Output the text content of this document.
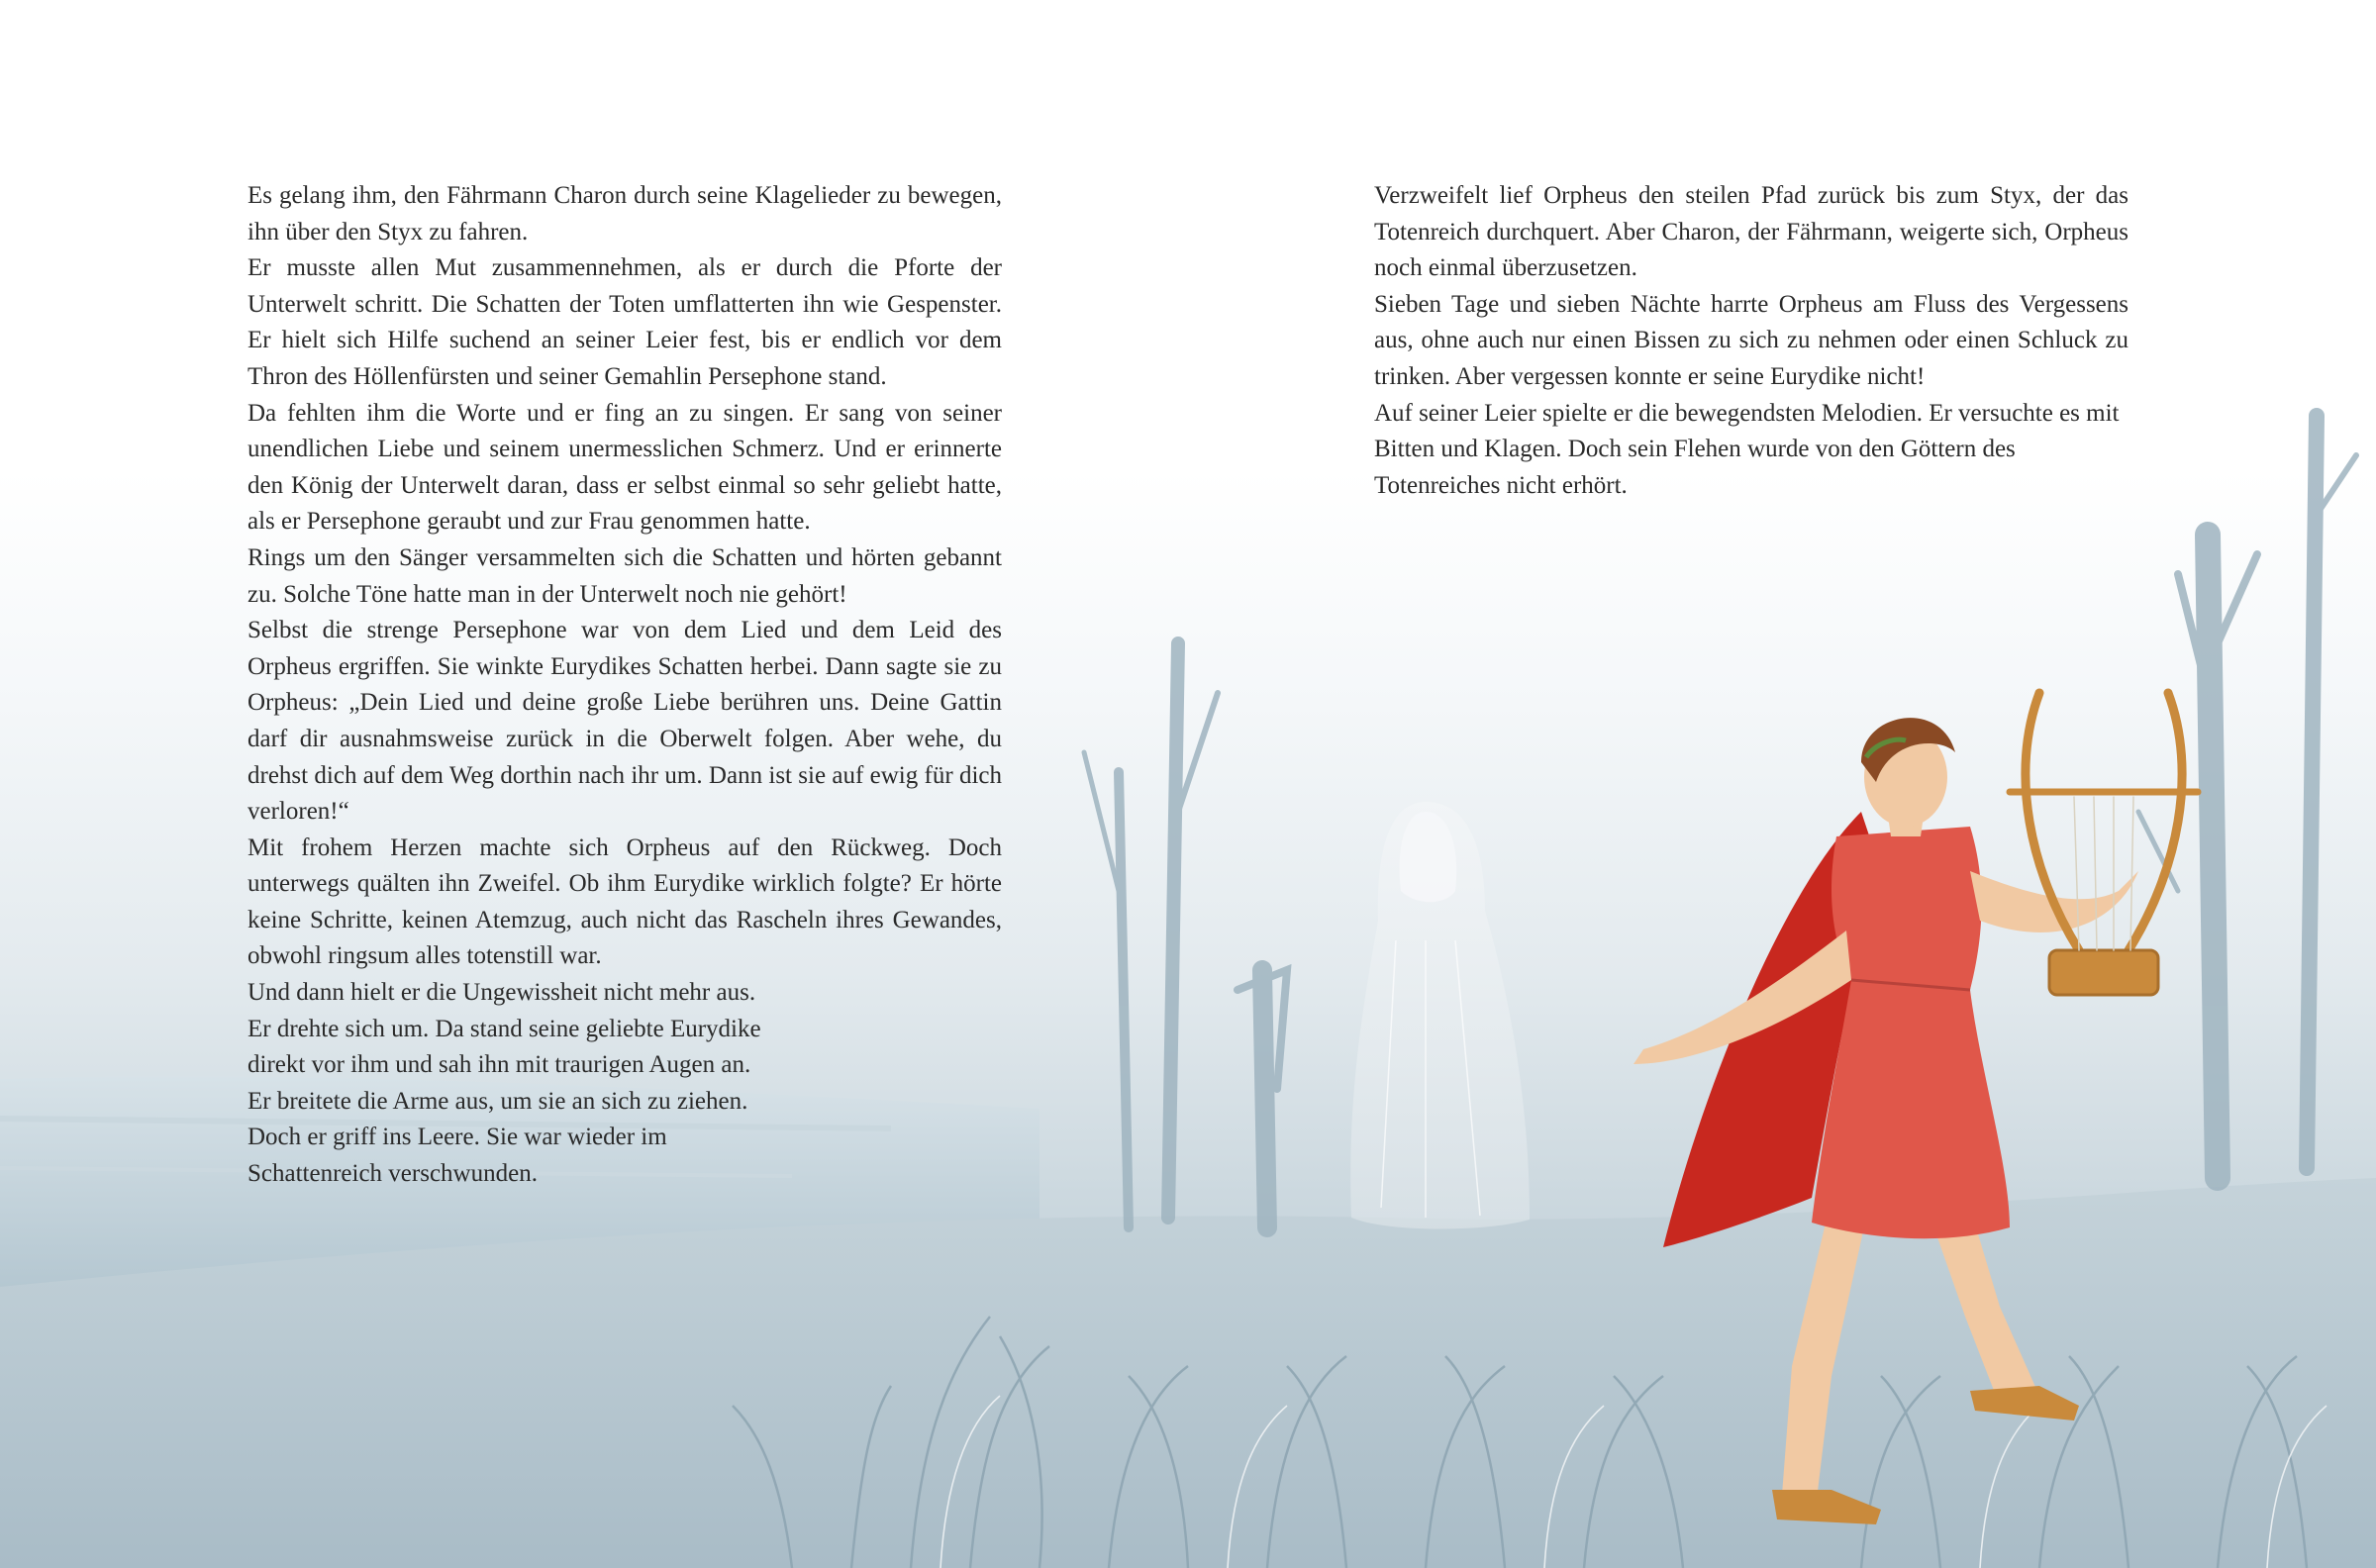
Es gelang ihm, den Fährmann Charon durch seine Klagelieder zu bewegen, ihn über den Styx zu fahren.

Er musste allen Mut zusammennehmen, als er durch die Pforte der Unterwelt schritt. Die Schatten der Toten umflatterten ihn wie Gespenster. Er hielt sich Hilfe suchend an seiner Leier fest, bis er endlich vor dem Thron des Höllenfürsten und seiner Gemahlin Persephone stand.

Da fehlten ihm die Worte und er fing an zu singen. Er sang von seiner unendlichen Liebe und seinem unermesslichen Schmerz. Und er erinnerte den König der Unterwelt daran, dass er selbst einmal so sehr geliebt hatte, als er Persephone geraubt und zur Frau genommen hatte.

Rings um den Sänger versammelten sich die Schatten und hörten gebannt zu. Solche Töne hatte man in der Unterwelt noch nie gehört!

Selbst die strenge Persephone war von dem Lied und dem Leid des Orpheus ergriffen. Sie winkte Eurydikes Schatten herbei. Dann sagte sie zu Orpheus: „Dein Lied und deine große Liebe berühren uns. Deine Gattin darf dir ausnahmsweise zurück in die Oberwelt folgen. Aber wehe, du drehst dich auf dem Weg dorthin nach ihr um. Dann ist sie auf ewig für dich verloren!“

Mit frohem Herzen machte sich Orpheus auf den Rückweg. Doch unterwegs quälten ihn Zweifel. Ob ihm Eurydike wirklich folgte? Er hörte keine Schritte, keinen Atemzug, auch nicht das Rascheln ihres Gewandes, obwohl ringsum alles totenstill war.

Und dann hielt er die Ungewissheit nicht mehr aus.

Er drehte sich um. Da stand seine geliebte Eurydike direkt vor ihm und sah ihn mit traurigen Augen an.

Er breitete die Arme aus, um sie an sich zu ziehen.

Doch er griff ins Leere. Sie war wieder im Schattenreich verschwunden.

Verzweifelt lief Orpheus den steilen Pfad zurück bis zum Styx, der das Totenreich durchquert. Aber Charon, der Fährmann, weigerte sich, Orpheus noch einmal überzusetzen.

Sieben Tage und sieben Nächte harrte Orpheus am Fluss des Vergessens aus, ohne auch nur einen Bissen zu sich zu nehmen oder einen Schluck zu trinken. Aber vergessen konnte er seine Eurydike nicht!

Auf seiner Leier spielte er die bewegendsten Melodien. Er versuchte es mit Bitten und Klagen. Doch sein Flehen wurde von den Göttern des Totenreiches nicht erhört.
